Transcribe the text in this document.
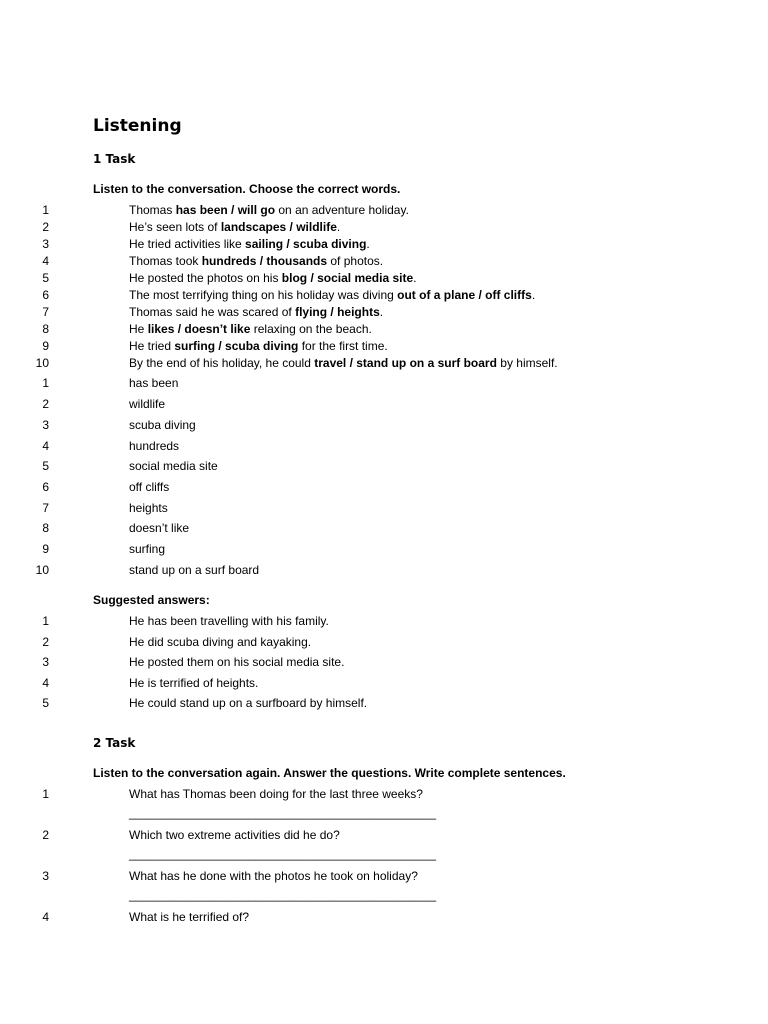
Listening
1 Task
Listen to the conversation. Choose the correct words.
1	Thomas has been / will go on an adventure holiday.
2	He’s seen lots of landscapes / wildlife.
3	He tried activities like sailing / scuba diving.
4	Thomas took hundreds / thousands of photos.
5	He posted the photos on his blog / social media site.
6	The most terrifying thing on his holiday was diving out of a plane / off cliffs.
7	Thomas said he was scared of flying / heights.
8	He likes / doesn’t like relaxing on the beach.
9	He tried surfing / scuba diving for the first time.
10	By the end of his holiday, he could travel / stand up on a surf board by himself.
1	has been
2	wildlife
3	scuba diving
4	hundreds
5	social media site
6	off cliffs
7	heights
8	doesn’t like
9	surfing
10	stand up on a surf board
Suggested answers:
1	He has been travelling with his family.
2	He did scuba diving and kayaking.
3	He posted them on his social media site.
4	He is terrified of heights.
5	He could stand up on a surfboard by himself.
2 Task
Listen to the conversation again. Answer the questions. Write complete sentences.
1	What has Thomas been doing for the last three weeks?
______________________________________________
2	Which two extreme activities did he do?
______________________________________________
3	What has he done with the photos he took on holiday?
______________________________________________
4	What is he terrified of?
